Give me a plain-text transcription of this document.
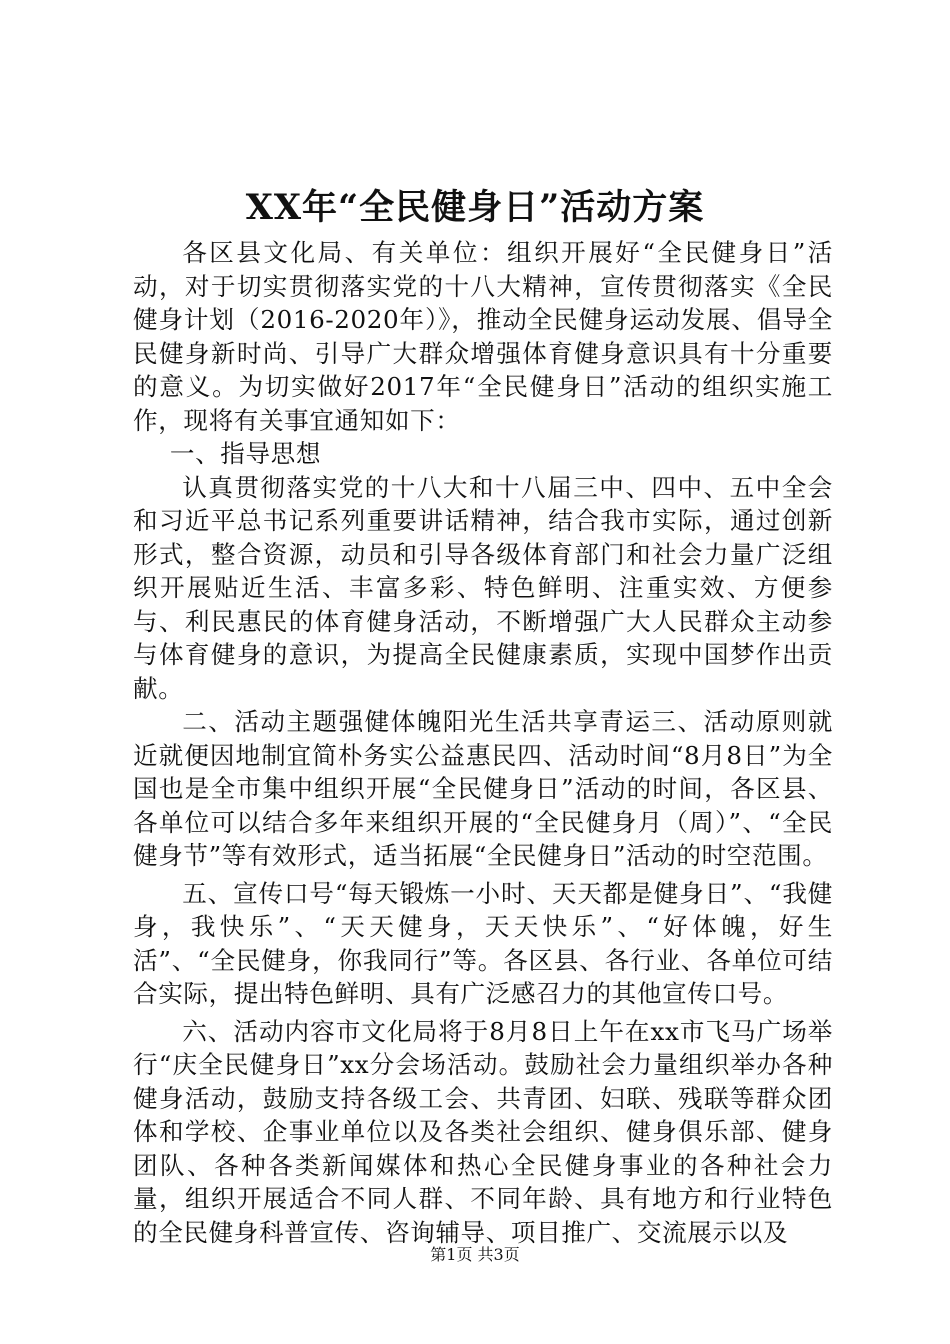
XX年“全民健身日”活动方案

各区县文化局、有关单位：组织开展好“全民健身日”活动，对于切实贯彻落实党的十八大精神，宣传贯彻落实《全民健身计划（2016-2020年）》，推动全民健身运动发展、倡导全民健身新时尚、引导广大群众增强体育健身意识具有十分重要的意义。为切实做好2017年“全民健身日”活动的组织实施工作，现将有关事宜通知如下：

一、指导思想

认真贯彻落实党的十八大和十八届三中、四中、五中全会和习近平总书记系列重要讲话精神，结合我市实际，通过创新形式，整合资源，动员和引导各级体育部门和社会力量广泛组织开展贴近生活、丰富多彩、特色鲜明、注重实效、方便参与、利民惠民的体育健身活动，不断增强广大人民群众主动参与体育健身的意识，为提高全民健康素质，实现中国梦作出贡献。

二、活动主题强健体魄阳光生活共享青运三、活动原则就近就便因地制宜简朴务实公益惠民四、活动时间“8月8日”为全国也是全市集中组织开展“全民健身日”活动的时间，各区县、各单位可以结合多年来组织开展的“全民健身月（周）”、“全民健身节”等有效形式，适当拓展“全民健身日”活动的时空范围。

五、宣传口号“每天锻炼一小时、天天都是健身日”、“我健身，我快乐”、“天天健身，天天快乐”、“好体魄，好生活”、“全民健身，你我同行”等。各区县、各行业、各单位可结合实际，提出特色鲜明、具有广泛感召力的其他宣传口号。

六、活动内容市文化局将于8月8日上午在xx市飞马广场举行“庆全民健身日”xx分会场活动。鼓励社会力量组织举办各种健身活动，鼓励支持各级工会、共青团、妇联、残联等群众团体和学校、企事业单位以及各类社会组织、健身俱乐部、健身团队、各种各类新闻媒体和热心全民健身事业的各种社会力量，组织开展适合不同人群、不同年龄、具有地方和行业特色的全民健身科普宣传、咨询辅导、项目推广、交流展示以及

第1页 共3页
